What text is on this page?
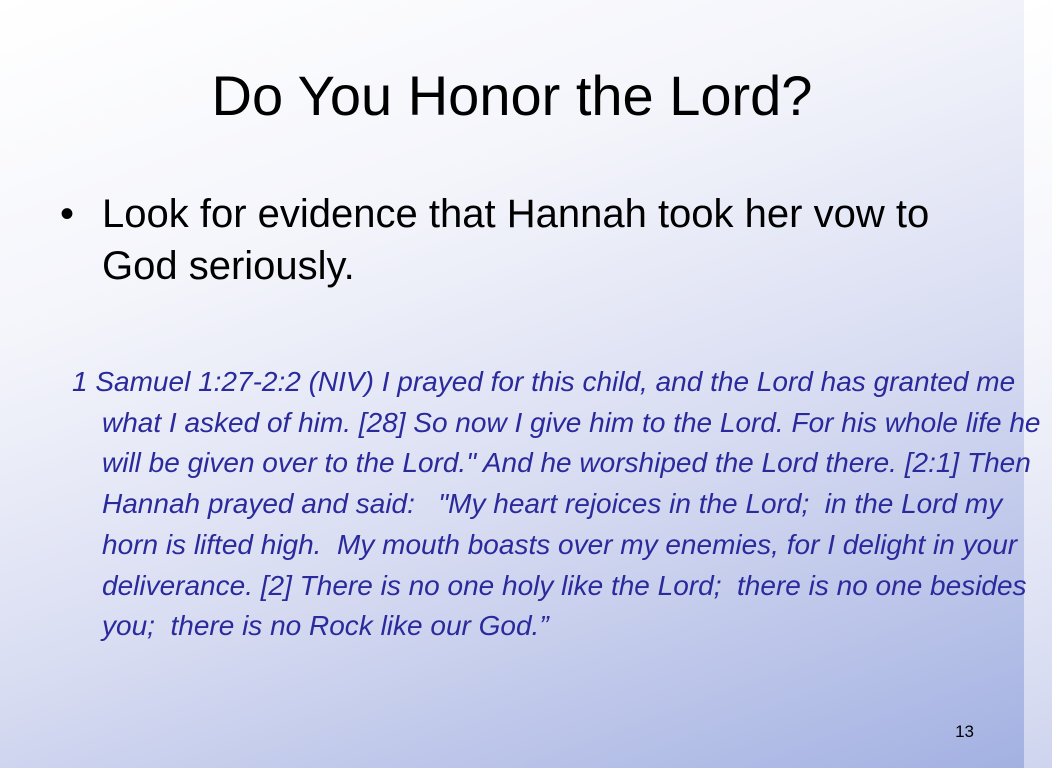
Do You Honor the Lord?
• Look for evidence that Hannah took her vow to God seriously.

1 Samuel 1:27-2:2 (NIV) I prayed for this child, and the Lord has granted me what I asked of him. [28] So now I give him to the Lord. For his whole life he will be given over to the Lord." And he worshiped the Lord there. [2:1] Then Hannah prayed and said:   "My heart rejoices in the Lord;  in the Lord my horn is lifted high.  My mouth boasts over my enemies, for I delight in your deliverance. [2] There is no one holy like the Lord;  there is no one besides you;  there is no Rock like our God.”

13
